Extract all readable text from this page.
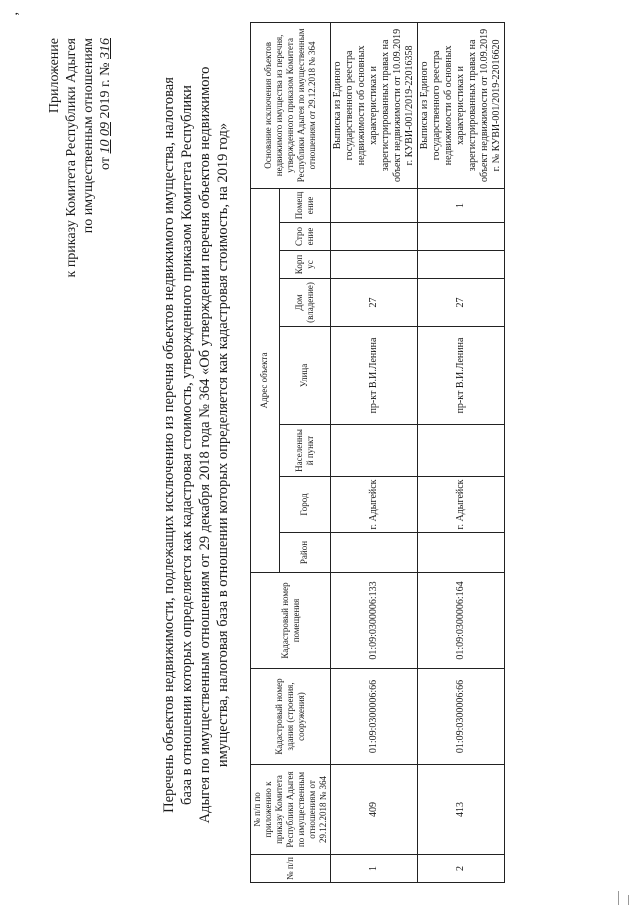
,
Приложение к приказу Комитета Республики Адыгея по имущественным отношениям от 10 09 2019 г. № 316
Перечень объектов недвижимости, подлежащих исключению из перечня объектов недвижимого имущества, налоговая база в отношении которых определяется как кадастровая стоимость, утвержденного приказом Комитета Республики Адыгея по имущественным отношениям от 29 декабря 2018 года № 364 «Об утверждении перечня объектов недвижимого имущества, налоговая база в отношении которых определяется как кадастровая стоимость, на 2019 год»
№ п/п	№ п/п по приложению к приказу Комитета Республики Адыгея по имущественным отношениям от 29.12.2018 № 364	Кадастровый номер здания (строения, сооружения)	Кадастровый номер помещения	Адрес объекта								Основание исключения объектов недвижимого имущества из перечня, утвержденного приказом Комитета Республики Адыгея по имущественным отношениям от 29.12.2018 № 364
				Район	Город	Населенный пункт	Улица	Дом (владение)	Корпус	Строение	Помещение	
1	409	01:09:0300006:66	01:09:0300006:133		г. Адыгейск		пр-кт В.И.Ленина	27				Выписка из Единого государственного реестра недвижимости об основных характеристиках и зарегистрированных правах на объект недвижимости от 10.09.2019 г. КУВИ-001/2019-22016358
2	413	01:09:0300006:66	01:09:0300006:164		г. Адыгейск		пр-кт В.И.Ленина	27			1	Выписка из Единого государственного реестра недвижимости об основных характеристиках и зарегистрированных правах на объект недвижимости от 10.09.2019 г. № КУВИ-001/2019-22016620
